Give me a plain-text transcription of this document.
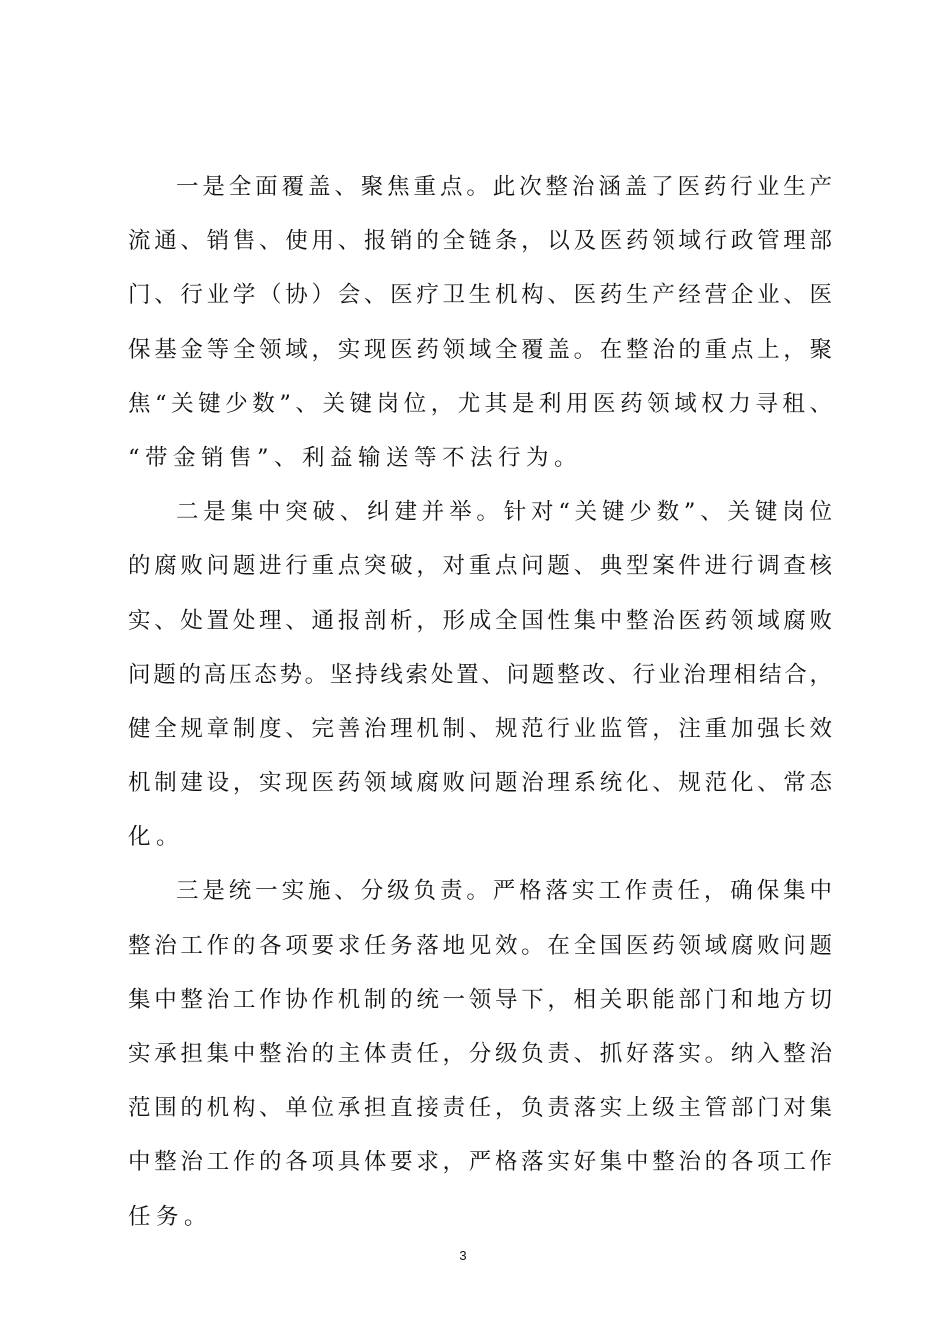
一是全面覆盖、聚焦重点。此次整治涵盖了医药行业生产
流通、销售、使用、报销的全链条，以及医药领域行政管理部
门、行业学（协）会、医疗卫生机构、医药生产经营企业、医
保基金等全领域，实现医药领域全覆盖。在整治的重点上，聚
焦“关键少数”、关键岗位，尤其是利用医药领域权力寻租、
“带金销售”、利益输送等不法行为。

二是集中突破、纠建并举。针对“关键少数”、关键岗位
的腐败问题进行重点突破，对重点问题、典型案件进行调查核
实、处置处理、通报剖析，形成全国性集中整治医药领域腐败
问题的高压态势。坚持线索处置、问题整改、行业治理相结合，
健全规章制度、完善治理机制、规范行业监管，注重加强长效
机制建设，实现医药领域腐败问题治理系统化、规范化、常态
化。

三是统一实施、分级负责。严格落实工作责任，确保集中
整治工作的各项要求任务落地见效。在全国医药领域腐败问题
集中整治工作协作机制的统一领导下，相关职能部门和地方切
实承担集中整治的主体责任，分级负责、抓好落实。纳入整治
范围的机构、单位承担直接责任，负责落实上级主管部门对集
中整治工作的各项具体要求，严格落实好集中整治的各项工作
任务。

3
